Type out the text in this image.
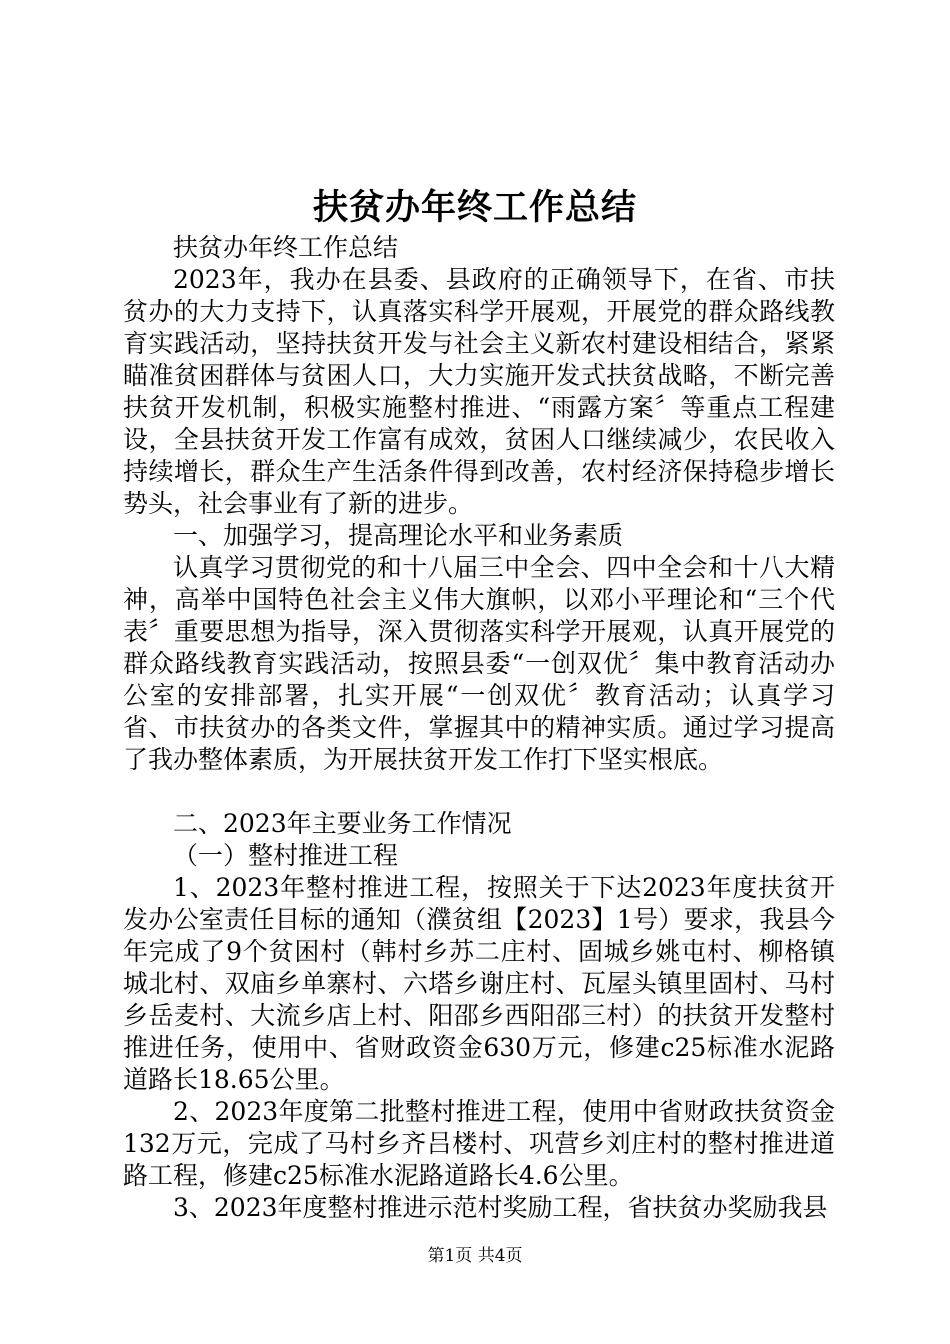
扶贫办年终工作总结

扶贫办年终工作总结

2023年，我办在县委、县政府的正确领导下，在省、市扶贫办的大力支持下，认真落实科学开展观，开展党的群众路线教育实践活动，坚持扶贫开发与社会主义新农村建设相结合，紧紧瞄准贫困群体与贫困人口，大力实施开发式扶贫战略，不断完善扶贫开发机制，积极实施整村推进、“雨露方案〞等重点工程建设，全县扶贫开发工作富有成效，贫困人口继续减少，农民收入持续增长，群众生产生活条件得到改善，农村经济保持稳步增长势头，社会事业有了新的进步。

一、加强学习，提高理论水平和业务素质

认真学习贯彻党的和十八届三中全会、四中全会和十八大精神，高举中国特色社会主义伟大旗帜，以邓小平理论和“三个代表〞重要思想为指导，深入贯彻落实科学开展观，认真开展党的群众路线教育实践活动，按照县委“一创双优〞集中教育活动办公室的安排部署，扎实开展“一创双优〞教育活动；认真学习省、市扶贫办的各类文件，掌握其中的精神实质。通过学习提高了我办整体素质，为开展扶贫开发工作打下坚实根底。

二、2023年主要业务工作情况

（一）整村推进工程

1、2023年整村推进工程，按照关于下达2023年度扶贫开发办公室责任目标的通知（濮贫组【2023】1号）要求，我县今年完成了9个贫困村（韩村乡苏二庄村、固城乡姚屯村、柳格镇城北村、双庙乡单寨村、六塔乡谢庄村、瓦屋头镇里固村、马村乡岳麦村、大流乡店上村、阳邵乡西阳邵三村）的扶贫开发整村推进任务，使用中、省财政资金630万元，修建c25标准水泥路道路长18.65公里。

2、2023年度第二批整村推进工程，使用中省财政扶贫资金132万元，完成了马村乡齐吕楼村、巩营乡刘庄村的整村推进道路工程，修建c25标准水泥路道路长4.6公里。

3、2023年度整村推进示范村奖励工程，省扶贫办奖励我县

第1页 共4页
